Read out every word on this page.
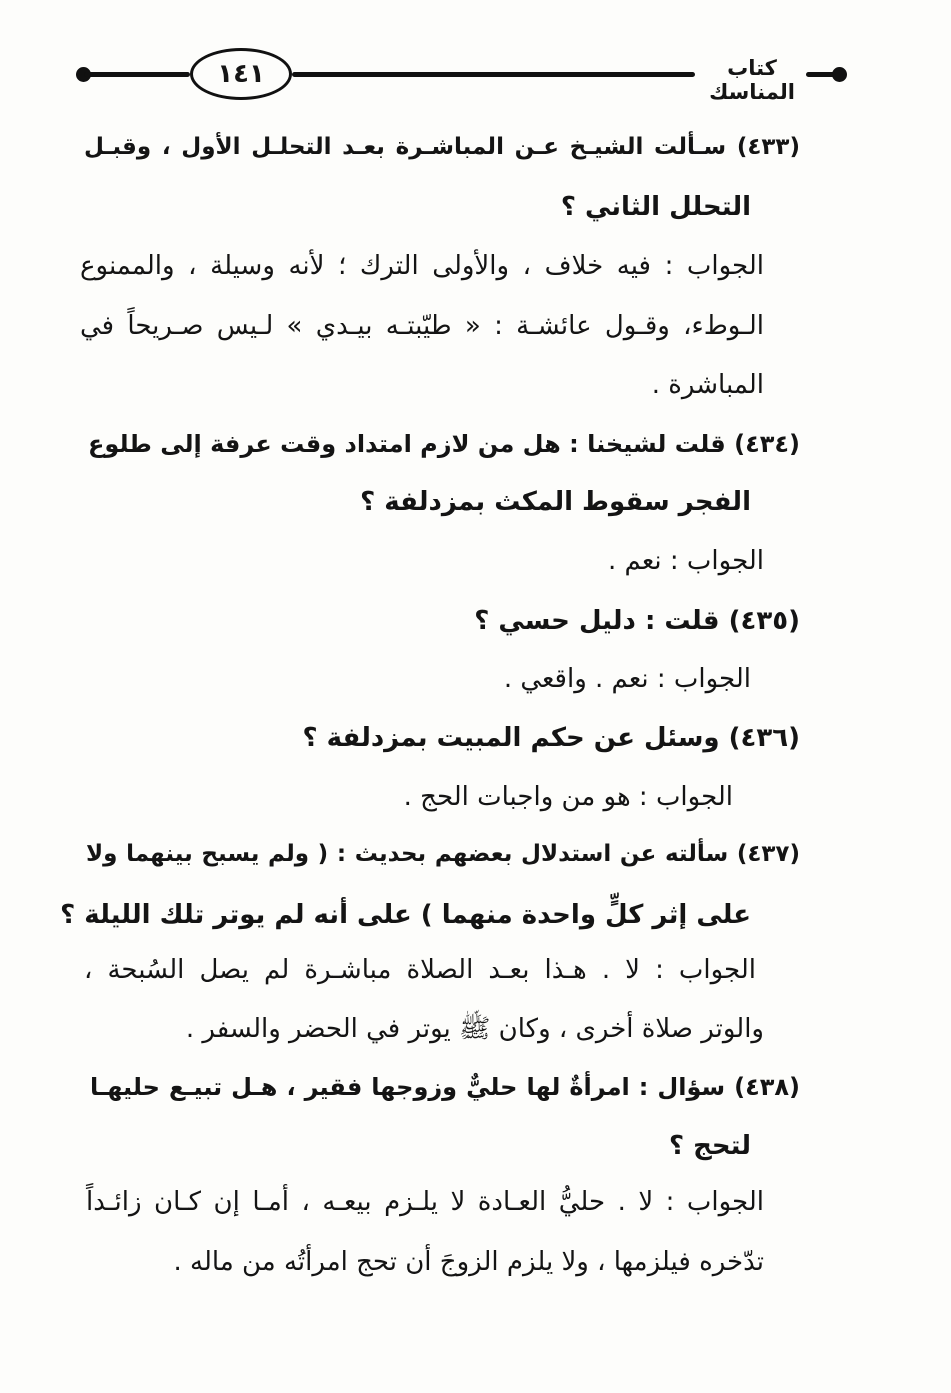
١٤١	كتاب المناسك
(٤٣٣) سـألت الشيـخ عـن المباشـرة بعـد التحلـل الأول ، وقبـل
التحلل الثاني ؟
الجواب : فيه خلاف ، والأولى الترك ؛ لأنه وسيلة ، والممنوع
الـوطء، وقـول عائشـة : « طيّبتـه بيـدي » لـيس صـريحاً في
المباشرة .
(٤٣٤) قلت لشيخنا : هل من لازم امتداد وقت عرفة إلى طلوع
الفجر سقوط المكث بمزدلفة ؟
الجواب : نعم .
(٤٣٥) قلت : دليل حسي ؟
الجواب : نعم . واقعي .
(٤٣٦) وسئل عن حكم المبيت بمزدلفة ؟
الجواب : هو من واجبات الحج .
(٤٣٧) سألته عن استدلال بعضهم بحديث : ( ولم يسبح بينهما ولا
على إثر كلٍّ واحدة منهما ) على أنه لم يوتر تلك الليلة ؟
الجواب : لا . هـذا بعـد الصلاة مباشـرة لم يصل السُبحة ،
والوتر صلاة أخرى ، وكان ﷺ يوتر في الحضر والسفر .
(٤٣٨) سؤال : امرأةٌ لها حليٌّ وزوجها فقير ، هـل تبيـع حليهـا
لتحج ؟
الجواب : لا . حليُّ العـادة لا يلـزم بيعـه ، أمـا إن كـان زائـداً
تدّخره فيلزمها ، ولا يلزم الزوجَ أن تحج امرأتُه من ماله .
